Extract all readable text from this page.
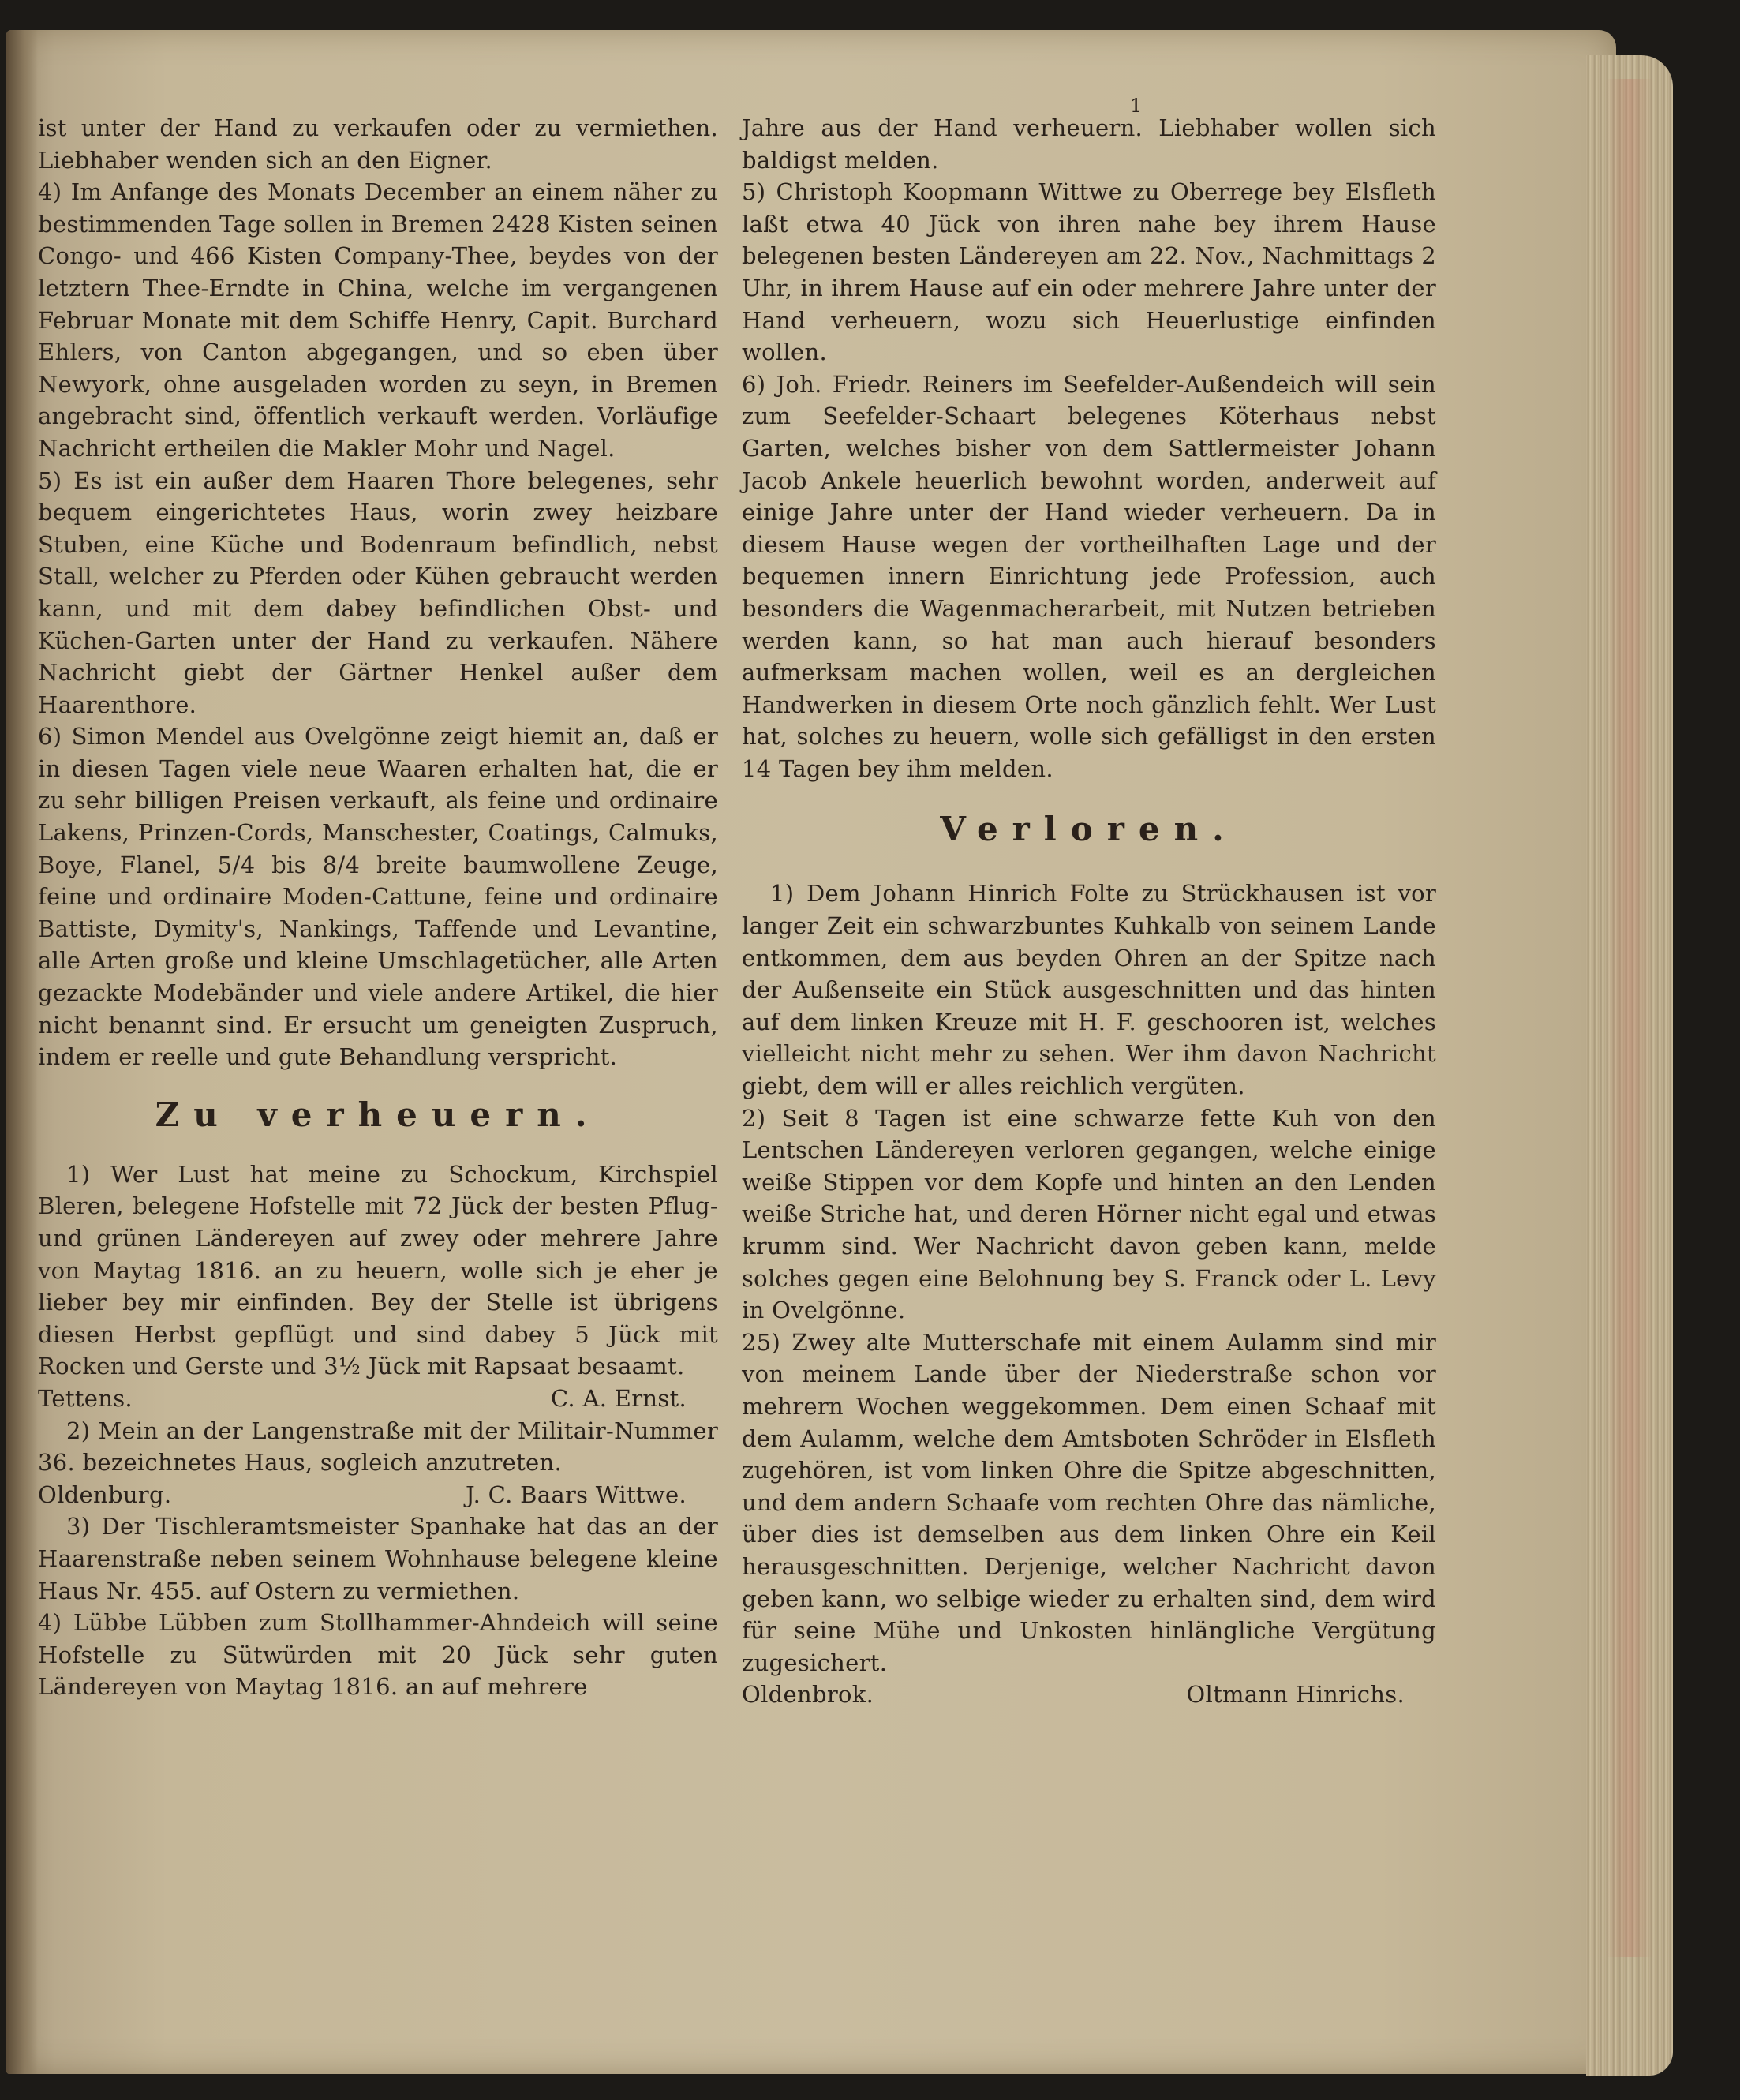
1

ist unter der Hand zu verkaufen oder zu vermiethen. Liebhaber wenden sich an den Eigner.

4) Im Anfange des Monats December an einem näher zu bestimmenden Tage sollen in Bremen 2428 Kisten seinen Congo- und 466 Kisten Company-Thee, beydes von der letztern Thee-Erndte in China, welche im vergangenen Februar Monate mit dem Schiffe Henry, Capit. Burchard Ehlers, von Canton abgegangen, und so eben über Newyork, ohne ausgeladen worden zu seyn, in Bremen angebracht sind, öffentlich verkauft werden. Vorläufige Nachricht ertheilen die Makler Mohr und Nagel.

5) Es ist ein außer dem Haaren Thore belegenes, sehr bequem eingerichtetes Haus, worin zwey heizbare Stuben, eine Küche und Bodenraum befindlich, nebst Stall, welcher zu Pferden oder Kühen gebraucht werden kann, und mit dem dabey befindlichen Obst- und Küchen-Garten unter der Hand zu verkaufen. Nähere Nachricht giebt der Gärtner Henkel außer dem Haarenthore.

6) Simon Mendel aus Ovelgönne zeigt hiemit an, daß er in diesen Tagen viele neue Waaren erhalten hat, die er zu sehr billigen Preisen verkauft, als feine und ordinaire Lakens, Prinzen-Cords, Manschester, Coatings, Calmuks, Boye, Flanel, 5/4 bis 8/4 breite baumwollene Zeuge, feine und ordinaire Moden-Cattune, feine und ordinaire Battiste, Dymity's, Nankings, Taffende und Levantine, alle Arten große und kleine Umschlagetücher, alle Arten gezackte Modebänder und viele andere Artikel, die hier nicht benannt sind. Er ersucht um geneigten Zuspruch, indem er reelle und gute Behandlung verspricht.

Zu verheuern.

1) Wer Lust hat meine zu Schockum, Kirchspiel Bleren, belegene Hofstelle mit 72 Jück der besten Pflug- und grünen Ländereyen auf zwey oder mehrere Jahre von Maytag 1816. an zu heuern, wolle sich je eher je lieber bey mir einfinden. Bey der Stelle ist übrigens diesen Herbst gepflügt und sind dabey 5 Jück mit Rocken und Gerste und 3½ Jück mit Rapsaat besaamt.

Tettens.	C. A. Ernst.

2) Mein an der Langenstraße mit der Militair-Nummer 36. bezeichnetes Haus, sogleich anzutreten.

Oldenburg.	J. C. Baars Wittwe.

3) Der Tischleramtsmeister Spanhake hat das an der Haarenstraße neben seinem Wohnhause belegene kleine Haus Nr. 455. auf Ostern zu vermiethen.

4) Lübbe Lübben zum Stollhammer-Ahndeich will seine Hofstelle zu Sütwürden mit 20 Jück sehr guten Ländereyen von Maytag 1816. an auf mehrere

Jahre aus der Hand verheuern. Liebhaber wollen sich baldigst melden.

5) Christoph Koopmann Wittwe zu Oberrege bey Elsfleth laßt etwa 40 Jück von ihren nahe bey ihrem Hause belegenen besten Ländereyen am 22. Nov., Nachmittags 2 Uhr, in ihrem Hause auf ein oder mehrere Jahre unter der Hand verheuern, wozu sich Heuerlustige einfinden wollen.

6) Joh. Friedr. Reiners im Seefelder-Außendeich will sein zum Seefelder-Schaart belegenes Köterhaus nebst Garten, welches bisher von dem Sattlermeister Johann Jacob Ankele heuerlich bewohnt worden, anderweit auf einige Jahre unter der Hand wieder verheuern. Da in diesem Hause wegen der vortheilhaften Lage und der bequemen innern Einrichtung jede Profession, auch besonders die Wagenmacherarbeit, mit Nutzen betrieben werden kann, so hat man auch hierauf besonders aufmerksam machen wollen, weil es an dergleichen Handwerken in diesem Orte noch gänzlich fehlt. Wer Lust hat, solches zu heuern, wolle sich gefälligst in den ersten 14 Tagen bey ihm melden.

Verloren.

1) Dem Johann Hinrich Folte zu Strückhausen ist vor langer Zeit ein schwarzbuntes Kuhkalb von seinem Lande entkommen, dem aus beyden Ohren an der Spitze nach der Außenseite ein Stück ausgeschnitten und das hinten auf dem linken Kreuze mit H. F. geschooren ist, welches vielleicht nicht mehr zu sehen. Wer ihm davon Nachricht giebt, dem will er alles reichlich vergüten.

2) Seit 8 Tagen ist eine schwarze fette Kuh von den Lentschen Ländereyen verloren gegangen, welche einige weiße Stippen vor dem Kopfe und hinten an den Lenden weiße Striche hat, und deren Hörner nicht egal und etwas krumm sind. Wer Nachricht davon geben kann, melde solches gegen eine Belohnung bey S. Franck oder L. Levy in Ovelgönne.

25) Zwey alte Mutterschafe mit einem Aulamm sind mir von meinem Lande über der Niederstraße schon vor mehrern Wochen weggekommen. Dem einen Schaaf mit dem Aulamm, welche dem Amtsboten Schröder in Elsfleth zugehören, ist vom linken Ohre die Spitze abgeschnitten, und dem andern Schaafe vom rechten Ohre das nämliche, über dies ist demselben aus dem linken Ohre ein Keil herausgeschnitten. Derjenige, welcher Nachricht davon geben kann, wo selbige wieder zu erhalten sind, dem wird für seine Mühe und Unkosten hinlängliche Vergütung zugesichert.

Oldenbrok.	Oltmann Hinrichs.
